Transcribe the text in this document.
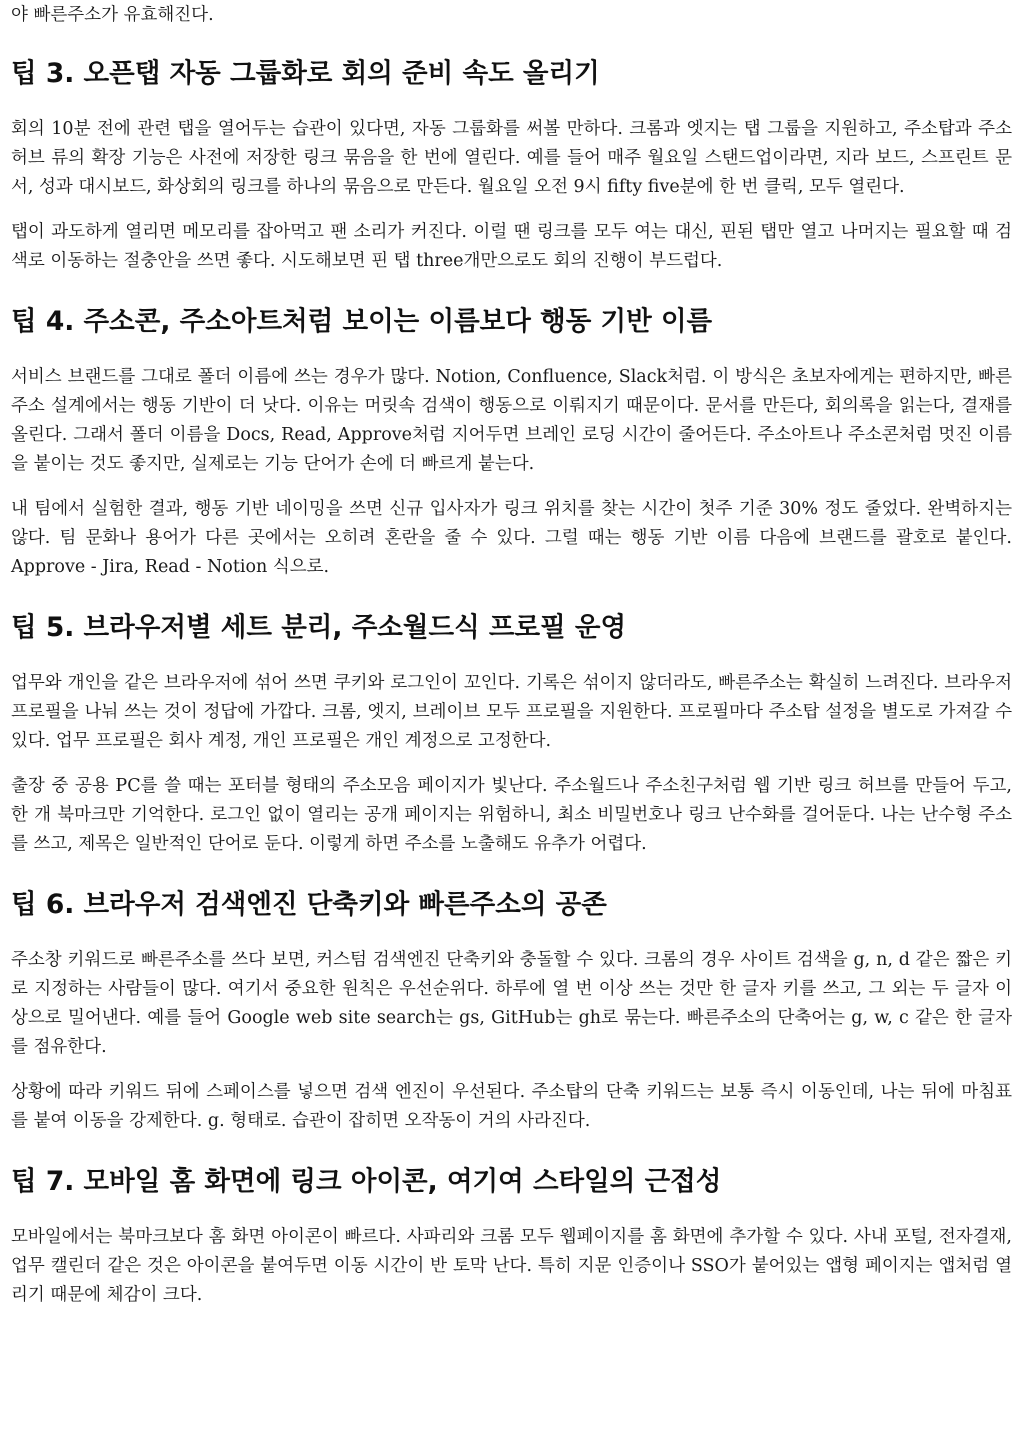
야 빠른주소가 유효해진다.

팁 3. 오픈탭 자동 그룹화로 회의 준비 속도 올리기

회의 10분 전에 관련 탭을 열어두는 습관이 있다면, 자동 그룹화를 써볼 만하다. 크롬과 엣지는 탭 그룹을 지원하고, 주소탑과 주소허브 류의 확장 기능은 사전에 저장한 링크 묶음을 한 번에 열린다. 예를 들어 매주 월요일 스탠드업이라면, 지라 보드, 스프린트 문서, 성과 대시보드, 화상회의 링크를 하나의 묶음으로 만든다. 월요일 오전 9시 fifty five분에 한 번 클릭, 모두 열린다.

탭이 과도하게 열리면 메모리를 잡아먹고 팬 소리가 커진다. 이럴 땐 링크를 모두 여는 대신, 핀된 탭만 열고 나머지는 필요할 때 검색로 이동하는 절충안을 쓰면 좋다. 시도해보면 핀 탭 three개만으로도 회의 진행이 부드럽다.

팁 4. 주소콘, 주소아트처럼 보이는 이름보다 행동 기반 이름

서비스 브랜드를 그대로 폴더 이름에 쓰는 경우가 많다. Notion, Confluence, Slack처럼. 이 방식은 초보자에게는 편하지만, 빠른주소 설계에서는 행동 기반이 더 낫다. 이유는 머릿속 검색이 행동으로 이뤄지기 때문이다. 문서를 만든다, 회의록을 읽는다, 결재를 올린다. 그래서 폴더 이름을 Docs, Read, Approve처럼 지어두면 브레인 로딩 시간이 줄어든다. 주소아트나 주소콘처럼 멋진 이름을 붙이는 것도 좋지만, 실제로는 기능 단어가 손에 더 빠르게 붙는다.

내 팀에서 실험한 결과, 행동 기반 네이밍을 쓰면 신규 입사자가 링크 위치를 찾는 시간이 첫주 기준 30% 정도 줄었다. 완벽하지는 않다. 팀 문화나 용어가 다른 곳에서는 오히려 혼란을 줄 수 있다. 그럴 때는 행동 기반 이름 다음에 브랜드를 괄호로 붙인다. Approve - Jira, Read - Notion 식으로.

팁 5. 브라우저별 세트 분리, 주소월드식 프로필 운영

업무와 개인을 같은 브라우저에 섞어 쓰면 쿠키와 로그인이 꼬인다. 기록은 섞이지 않더라도, 빠른주소는 확실히 느려진다. 브라우저 프로필을 나눠 쓰는 것이 정답에 가깝다. 크롬, 엣지, 브레이브 모두 프로필을 지원한다. 프로필마다 주소탑 설정을 별도로 가져갈 수 있다. 업무 프로필은 회사 계정, 개인 프로필은 개인 계정으로 고정한다.

출장 중 공용 PC를 쓸 때는 포터블 형태의 주소모음 페이지가 빛난다. 주소월드나 주소친구처럼 웹 기반 링크 허브를 만들어 두고, 한 개 북마크만 기억한다. 로그인 없이 열리는 공개 페이지는 위험하니, 최소 비밀번호나 링크 난수화를 걸어둔다. 나는 난수형 주소를 쓰고, 제목은 일반적인 단어로 둔다. 이렇게 하면 주소를 노출해도 유추가 어렵다.

팁 6. 브라우저 검색엔진 단축키와 빠른주소의 공존

주소창 키워드로 빠른주소를 쓰다 보면, 커스텀 검색엔진 단축키와 충돌할 수 있다. 크롬의 경우 사이트 검색을 g, n, d 같은 짧은 키로 지정하는 사람들이 많다. 여기서 중요한 원칙은 우선순위다. 하루에 열 번 이상 쓰는 것만 한 글자 키를 쓰고, 그 외는 두 글자 이상으로 밀어낸다. 예를 들어 Google web site search는 gs, GitHub는 gh로 묶는다. 빠른주소의 단축어는 g, w, c 같은 한 글자를 점유한다.

상황에 따라 키워드 뒤에 스페이스를 넣으면 검색 엔진이 우선된다. 주소탑의 단축 키워드는 보통 즉시 이동인데, 나는 뒤에 마침표를 붙여 이동을 강제한다. g. 형태로. 습관이 잡히면 오작동이 거의 사라진다.

팁 7. 모바일 홈 화면에 링크 아이콘, 여기여 스타일의 근접성

모바일에서는 북마크보다 홈 화면 아이콘이 빠르다. 사파리와 크롬 모두 웹페이지를 홈 화면에 추가할 수 있다. 사내 포털, 전자결재, 업무 캘린더 같은 것은 아이콘을 붙여두면 이동 시간이 반 토막 난다. 특히 지문 인증이나 SSO가 붙어있는 앱형 페이지는 앱처럼 열리기 때문에 체감이 크다.
